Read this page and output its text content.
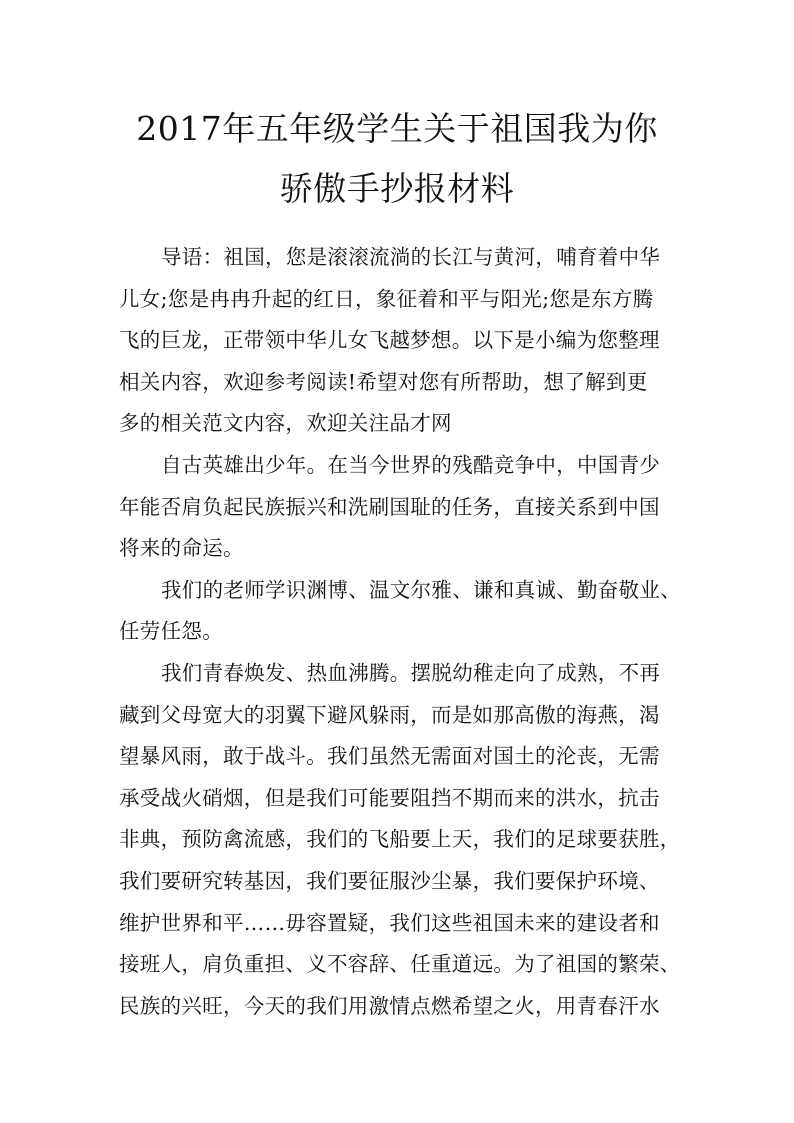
2017年五年级学生关于祖国我为你
骄傲手抄报材料
导语：祖国，您是滚滚流淌的长江与黄河，哺育着中华
儿女;您是冉冉升起的红日，象征着和平与阳光;您是东方腾
飞的巨龙，正带领中华儿女飞越梦想。以下是小编为您整理
相关内容，欢迎参考阅读!希望对您有所帮助，想了解到更
多的相关范文内容，欢迎关注品才网
自古英雄出少年。在当今世界的残酷竞争中，中国青少
年能否肩负起民族振兴和洗刷国耻的任务，直接关系到中国
将来的命运。
我们的老师学识渊博、温文尔雅、谦和真诚、勤奋敬业、
任劳任怨。
我们青春焕发、热血沸腾。摆脱幼稚走向了成熟，不再
藏到父母宽大的羽翼下避风躲雨，而是如那高傲的海燕，渴
望暴风雨，敢于战斗。我们虽然无需面对国土的沦丧，无需
承受战火硝烟，但是我们可能要阻挡不期而来的洪水，抗击
非典，预防禽流感，我们的飞船要上天，我们的足球要获胜，
我们要研究转基因，我们要征服沙尘暴，我们要保护环境、
维护世界和平……毋容置疑，我们这些祖国未来的建设者和
接班人，肩负重担、义不容辞、任重道远。为了祖国的繁荣、
民族的兴旺，今天的我们用激情点燃希望之火，用青春汗水
